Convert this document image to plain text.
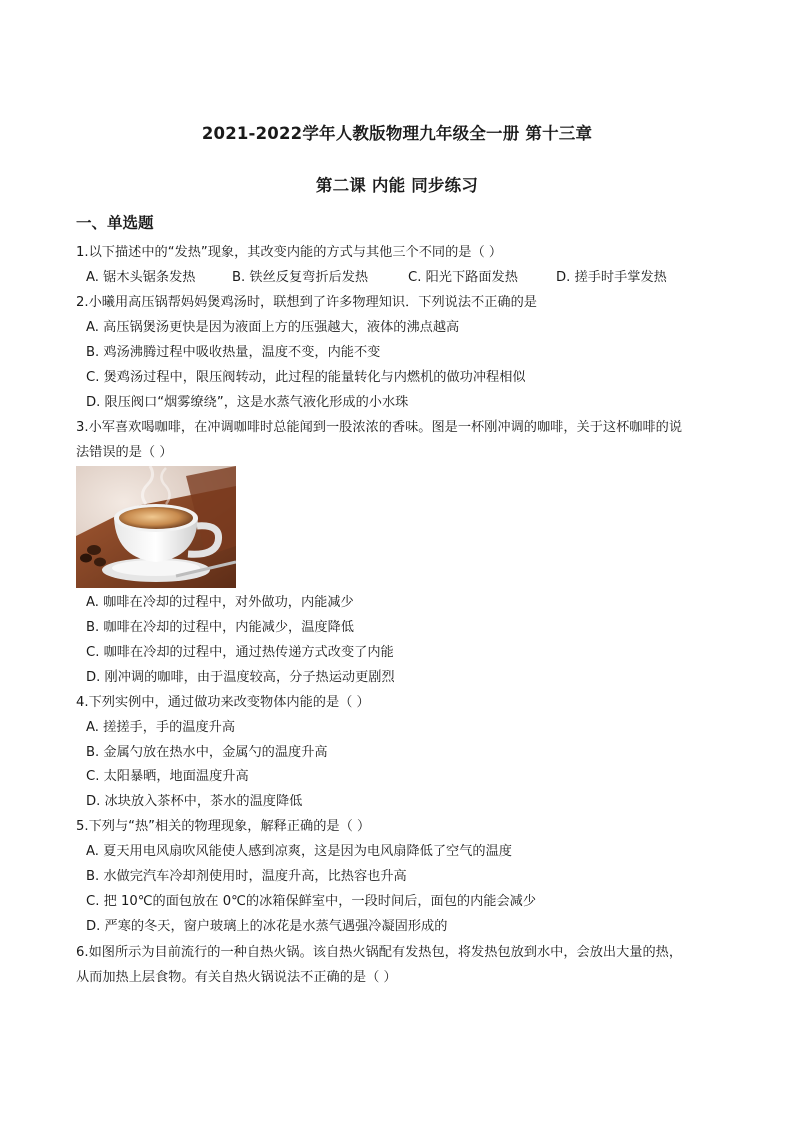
2021-2022学年人教版物理九年级全一册 第十三章
第二课 内能 同步练习
一、单选题
1.以下描述中的“发热”现象，其改变内能的方式与其他三个不同的是（ ）
A. 锯木头锯条发热	B. 铁丝反复弯折后发热	C. 阳光下路面发热	D. 搓手时手掌发热
2.小曦用高压锅帮妈妈煲鸡汤时，联想到了许多物理知识．下列说法不正确的是
A. 高压锅煲汤更快是因为液面上方的压强越大，液体的沸点越高
B. 鸡汤沸腾过程中吸收热量，温度不变，内能不变
C. 煲鸡汤过程中，限压阀转动，此过程的能量转化与内燃机的做功冲程相似
D. 限压阀口“烟雾缭绕”，这是水蒸气液化形成的小水珠
3.小军喜欢喝咖啡，在冲调咖啡时总能闻到一股浓浓的香味。图是一杯刚冲调的咖啡，关于这杯咖啡的说
法错误的是（ ）
A. 咖啡在冷却的过程中，对外做功，内能减少
B. 咖啡在冷却的过程中，内能减少，温度降低
C. 咖啡在冷却的过程中，通过热传递方式改变了内能
D. 刚冲调的咖啡，由于温度较高，分子热运动更剧烈
4.下列实例中，通过做功来改变物体内能的是（ ）
A. 搓搓手，手的温度升高
B. 金属勺放在热水中，金属勺的温度升高
C. 太阳暴晒，地面温度升高
D. 冰块放入茶杯中，茶水的温度降低
5.下列与“热”相关的物理现象，解释正确的是（ ）
A. 夏天用电风扇吹风能使人感到凉爽，这是因为电风扇降低了空气的温度
B. 水做完汽车冷却剂使用时，温度升高，比热容也升高
C. 把 10℃的面包放在 0℃的冰箱保鲜室中，一段时间后，面包的内能会减少
D. 严寒的冬天，窗户玻璃上的冰花是水蒸气遇强冷凝固形成的
6.如图所示为目前流行的一种自热火锅。该自热火锅配有发热包，将发热包放到水中，会放出大量的热，
从而加热上层食物。有关自热火锅说法不正确的是（ ）
